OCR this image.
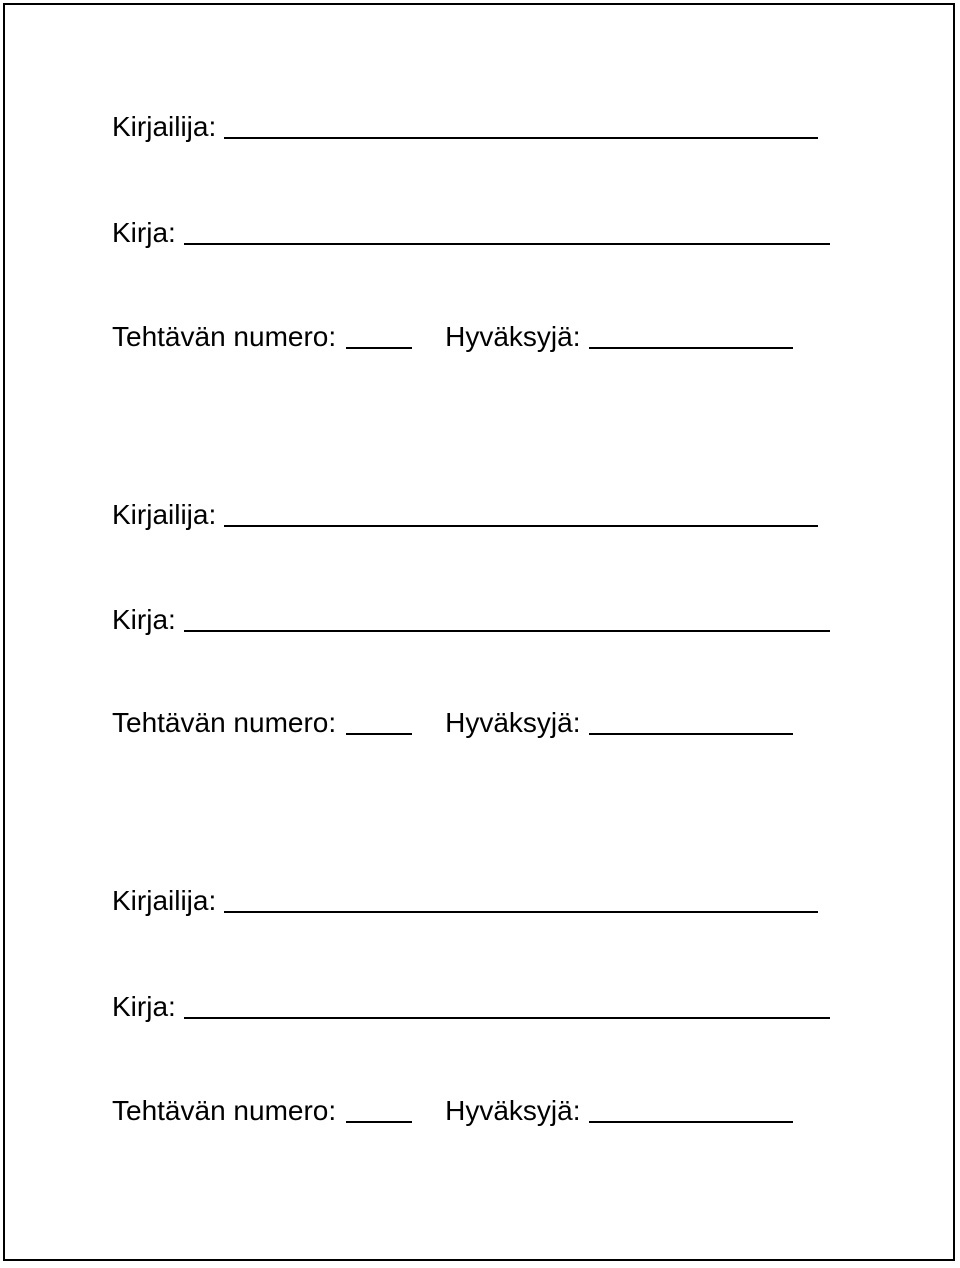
Kirjailija:
Kirja:
Tehtävän numero:	Hyväksyjä:
Kirjailija:
Kirja:
Tehtävän numero:	Hyväksyjä:
Kirjailija:
Kirja:
Tehtävän numero:	Hyväksyjä:
